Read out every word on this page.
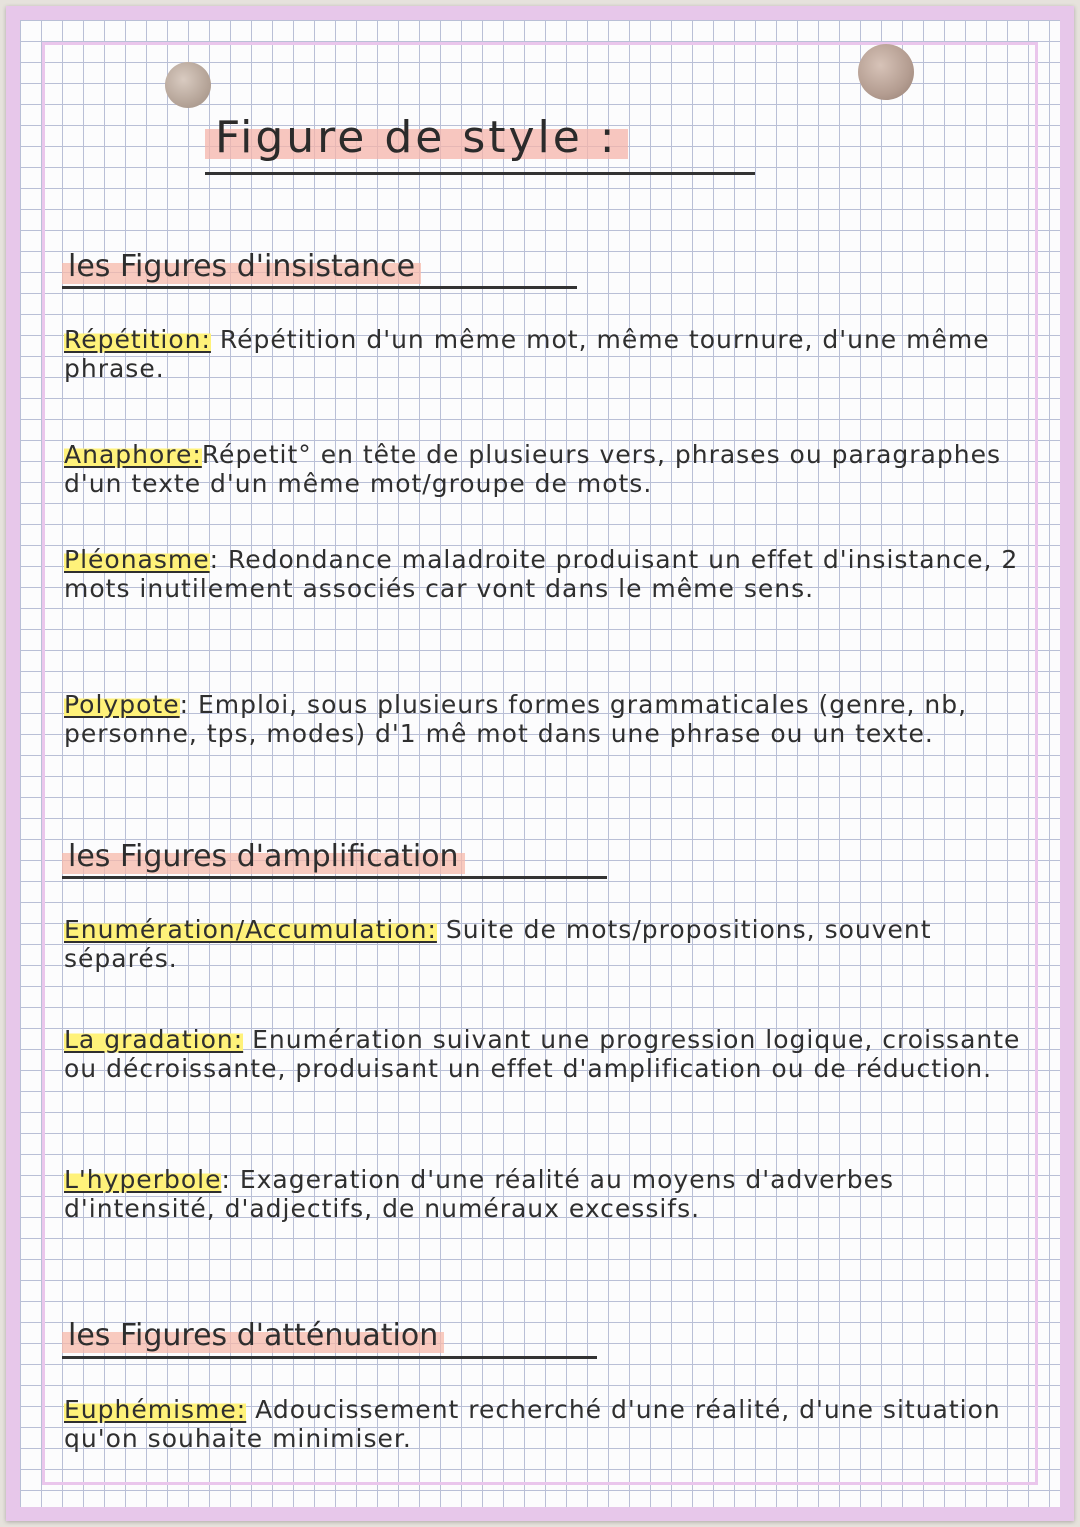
Figure de style :
les Figures d'insistance
Répétition: Répétition d'un même mot, même tournure, d'une même phrase.
Anaphore:Répetit° en tête de plusieurs vers, phrases ou paragraphes d'un texte d'un même mot/groupe de mots.
Pléonasme: Redondance maladroite produisant un effet d'insistance, 2 mots inutilement associés car vont dans le même sens.
Polypote: Emploi, sous plusieurs formes grammaticales (genre, nb, personne, tps, modes) d'1 mê mot dans une phrase ou un texte.
les Figures d'amplification
Enumération/Accumulation: Suite de mots/propositions, souvent séparés.
La gradation: Enumération suivant une progression logique, croissante ou décroissante, produisant un effet d'amplification ou de réduction.
L'hyperbole: Exageration d'une réalité au moyens d'adverbes d'intensité, d'adjectifs, de numéraux excessifs.
les Figures d'atténuation
Euphémisme: Adoucissement recherché d'une réalité, d'une situation qu'on souhaite minimiser.
